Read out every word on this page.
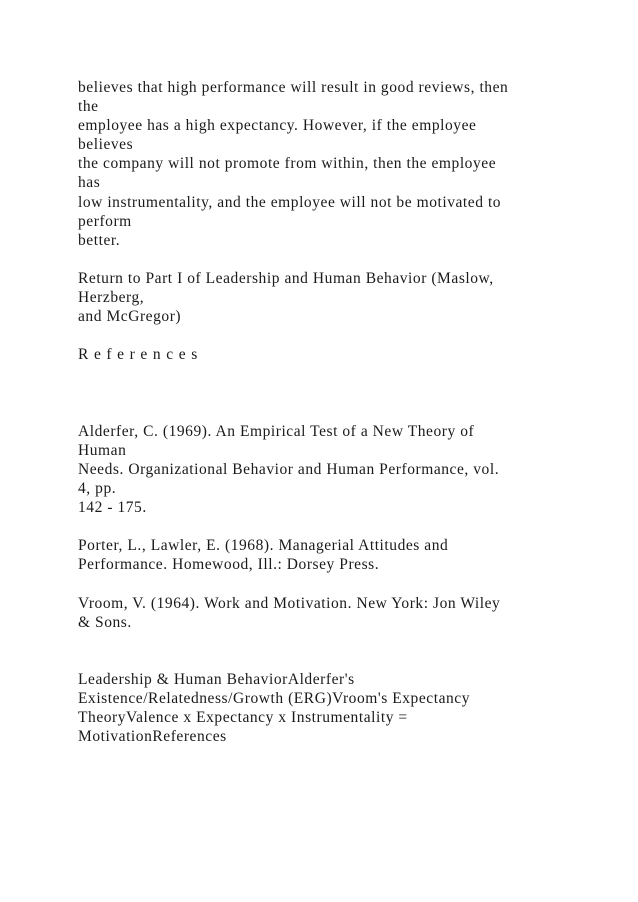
believes that high performance will result in good reviews, then
the
employee has a high expectancy. However, if the employee
believes
the company will not promote from within, then the employee
has
low instrumentality, and the employee will not be motivated to
perform
better.
Return to Part I of Leadership and Human Behavior (Maslow,
Herzberg,
and McGregor)
References
Alderfer, C. (1969). An Empirical Test of a New Theory of
Human
Needs. Organizational Behavior and Human Performance, vol.
4, pp.
142 - 175.
Porter, L., Lawler, E. (1968). Managerial Attitudes and
Performance. Homewood, Ill.: Dorsey Press.
Vroom, V. (1964). Work and Motivation. New York: Jon Wiley
& Sons.
Leadership & Human BehaviorAlderfer's
Existence/Relatedness/Growth (ERG)Vroom's Expectancy
TheoryValence x Expectancy x Instrumentality =
MotivationReferences
